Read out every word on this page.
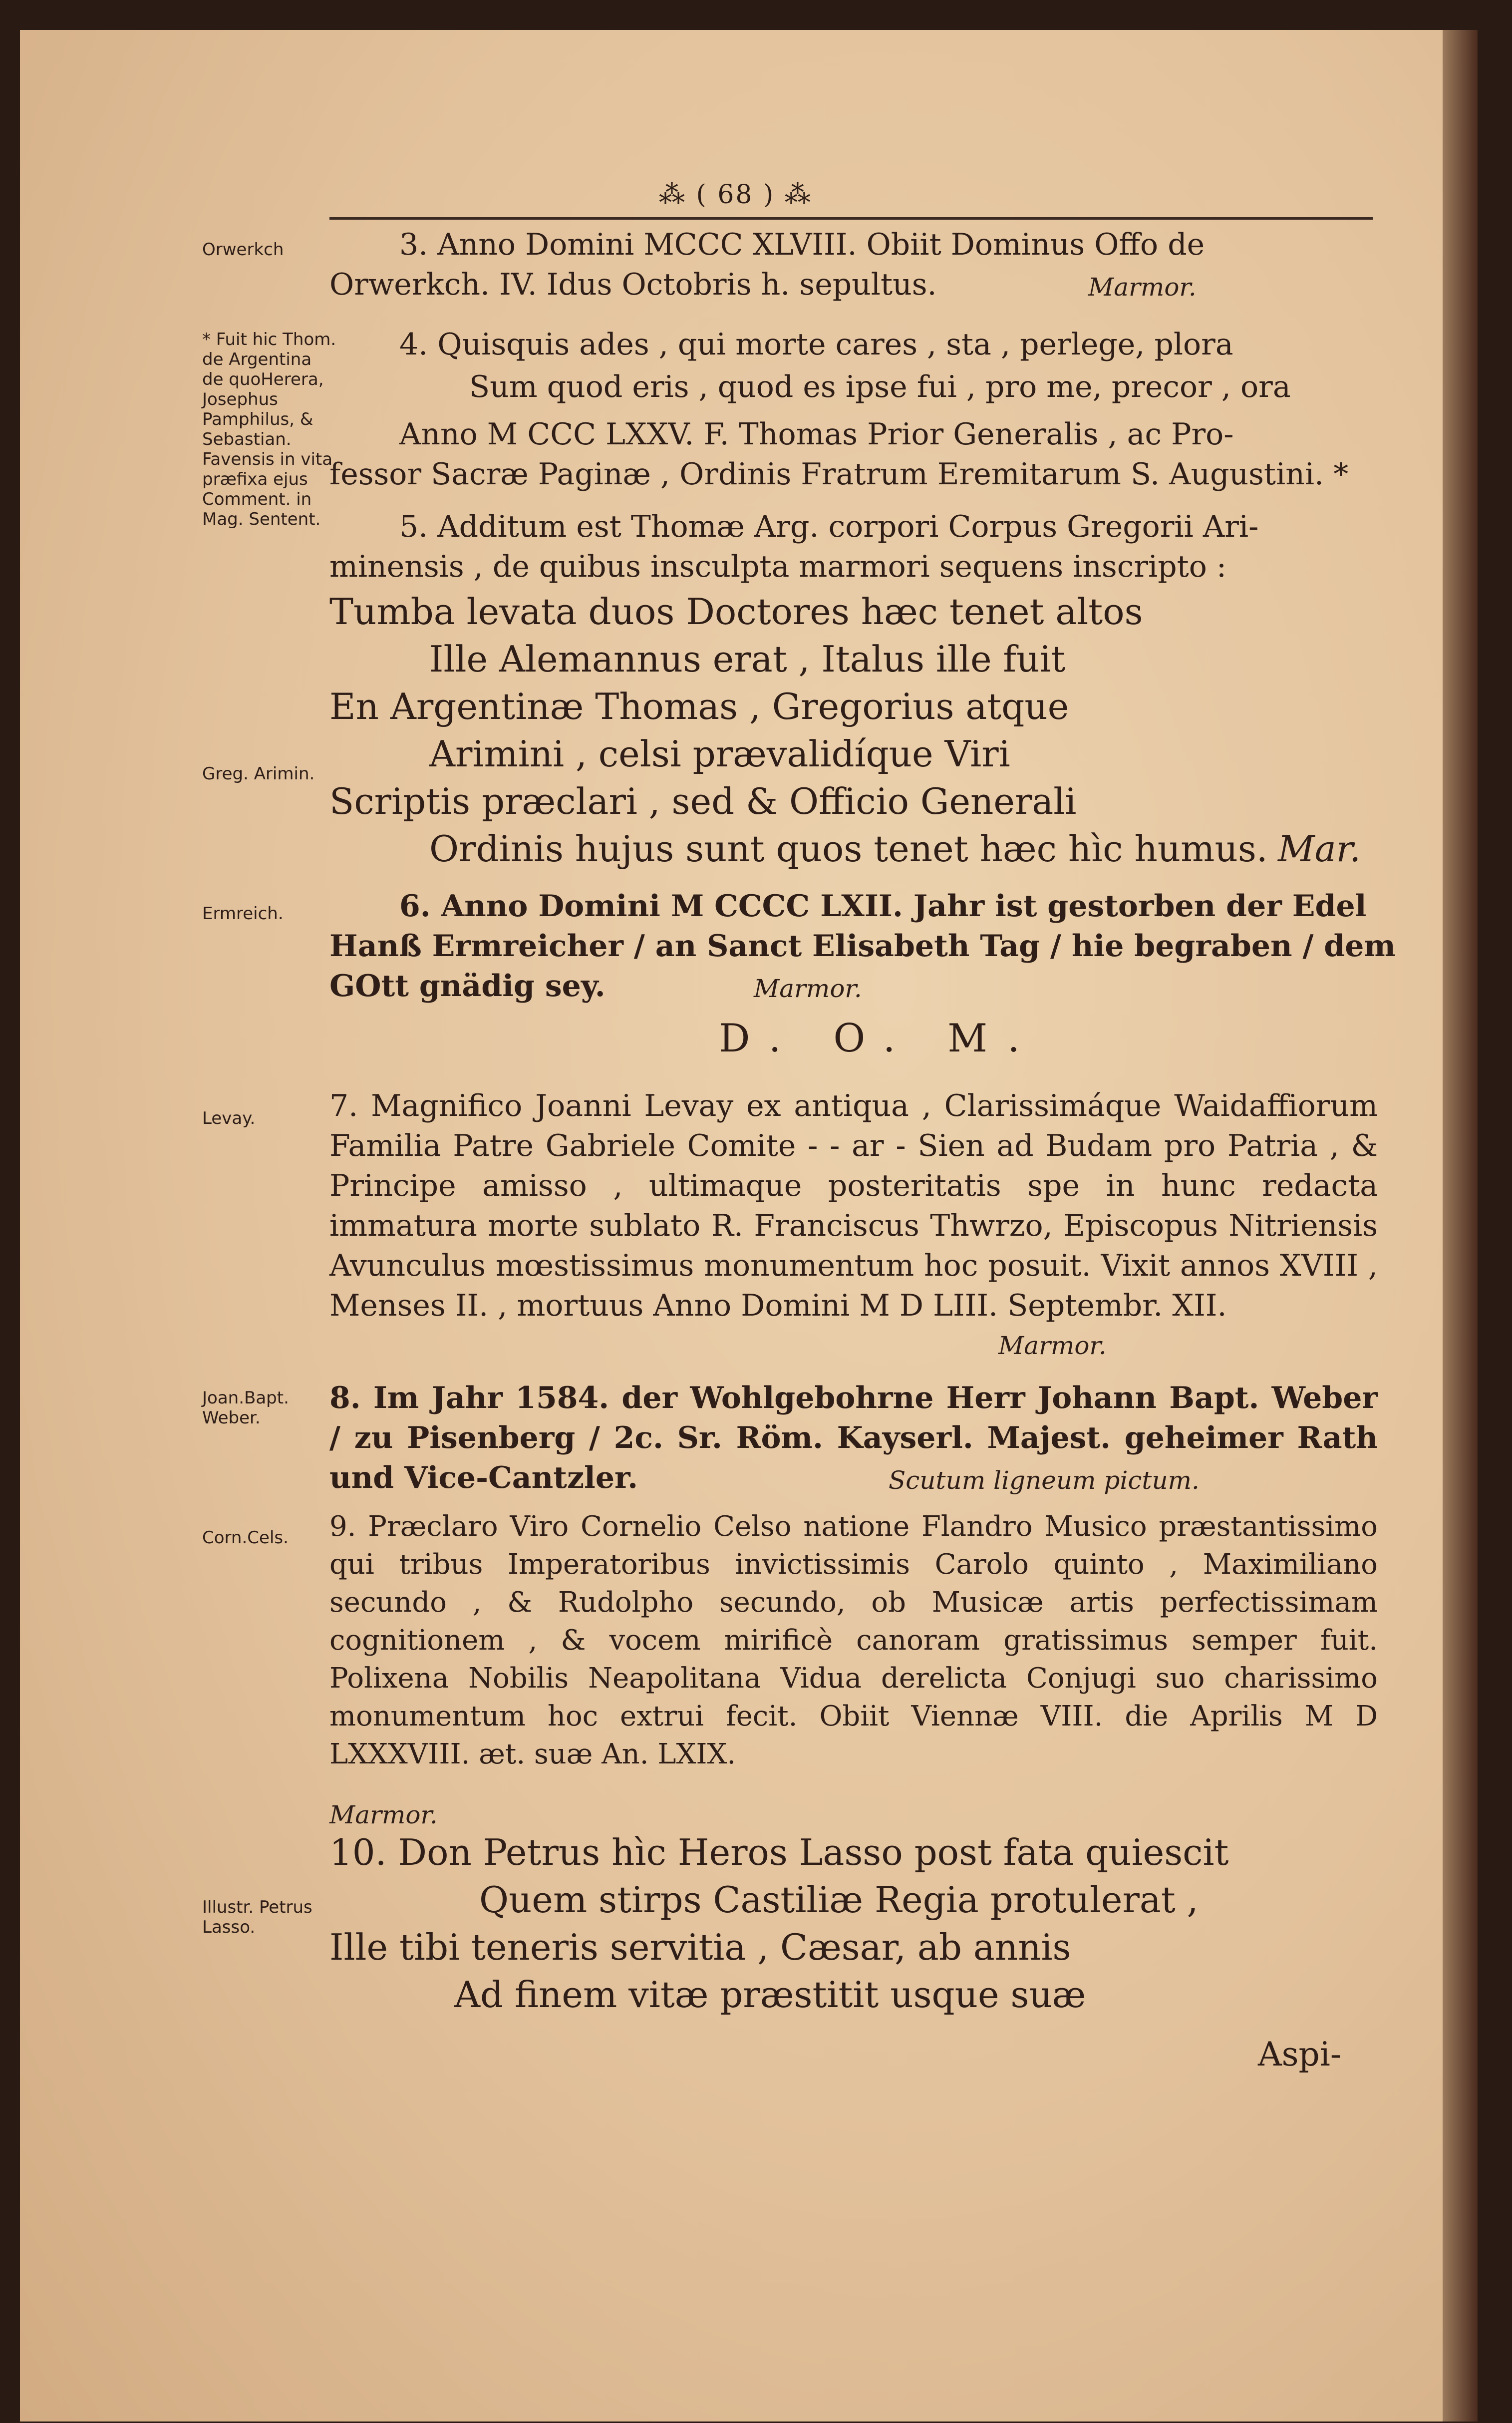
⁂ ( 68 ) ⁂
Orwerkch
* Fuit hic Thom. de Argentina de quoHerera, Josephus Pamphilus, & Sebastian. Favensis in vita præfixa ejus Comment. in Mag. Sentent.
Greg. Arimin.
Ermreich.
Levay.
Joan.Bapt. Weber.
Corn.Cels.
Illustr. Petrus Lasso.
3. Anno Domini MCCC XLVIII. Obiit Dominus Offo de
Orwerkch. IV. Idus Octobris h. sepultus.	Marmor.
4. Quisquis ades , qui morte cares , sta , perlege, plora
Sum quod eris , quod es ipse fui , pro me, precor , ora
Anno M CCC LXXV. F. Thomas Prior Generalis , ac Pro-
fessor Sacræ Paginæ , Ordinis Fratrum Eremitarum S. Augustini. *
5. Additum est Thomæ Arg. corpori Corpus Gregorii Ari-
minensis , de quibus insculpta marmori sequens inscripto :
Tumba levata duos Doctores hæc tenet altos
Ille Alemannus erat , Italus ille fuit
En Argentinæ Thomas , Gregorius atque
Arimini , celsi prævalidíque Viri
Scriptis præclari , sed & Officio Generali
Ordinis hujus sunt quos tenet hæc hìc humus. Mar.
6. Anno Domini M CCCC LXII. Jahr ist gestorben der Edel
Hanß Ermreicher / an Sanct Elisabeth Tag / hie begraben / dem
GOtt gnädig sey.	Marmor.
D. O. M.
7. Magnifico Joanni Levay ex antiqua , Clarissimáque Waidaffiorum Familia Patre Gabriele Comite - - ar - Sien ad Budam pro Patria , & Principe amisso , ultimaque posteritatis spe in hunc redacta immatura morte sublato R. Franciscus Thwrzo, Episcopus Nitriensis Avunculus mœstissimus monumentum hoc posuit. Vixit annos XVIII , Menses II. , mortuus Anno Domini M D LIII. Septembr. XII.
Marmor.
8. Im Jahr 1584. der Wohlgebohrne Herr Johann Bapt. Weber / zu Pisenberg / 2c. Sr. Röm. Kayserl. Majest. geheimer Rath und Vice-Cantzler.	Scutum ligneum pictum.
9. Præclaro Viro Cornelio Celso natione Flandro Musico præstantissimo qui tribus Imperatoribus invictissimis Carolo quinto , Maximiliano secundo , & Rudolpho secundo, ob Musicæ artis perfectissimam cognitionem , & vocem mirificè canoram gratissimus semper fuit. Polixena Nobilis Neapolitana Vidua derelicta Conjugi suo charissimo monumentum hoc extrui fecit. Obiit Viennæ VIII. die Aprilis M D LXXXVIII. æt. suæ An. LXIX.
Marmor.
10. Don Petrus hìc Heros Lasso post fata quiescit
Quem stirps Castiliæ Regia protulerat ,
Ille tibi teneris servitia , Cæsar, ab annis
Ad finem vitæ præstitit usque suæ
Aspi-
